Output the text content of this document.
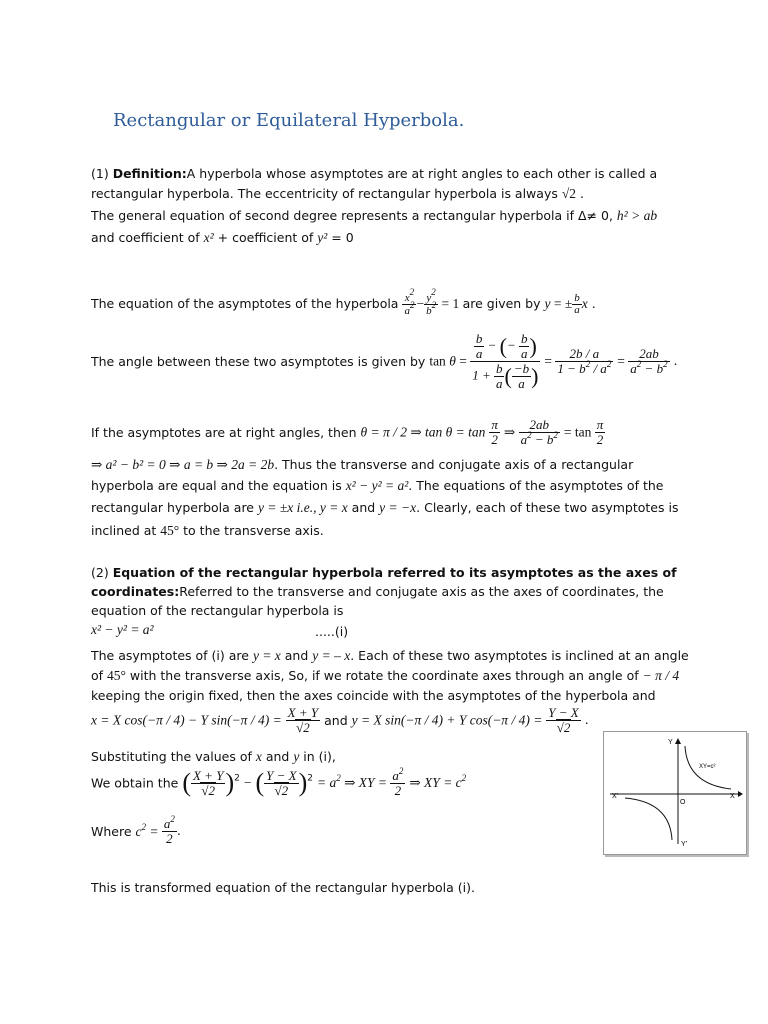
Rectangular or Equilateral Hyperbola.
(1) Definition:A hyperbola whose asymptotes are at right angles to each other is called a
rectangular hyperbola. The eccentricity of rectangular hyperbola is always √2 .
The general equation of second degree represents a rectangular hyperbola if Δ≠ 0, h² > ab
and coefficient of x² + coefficient of y² = 0
The equation of the asymptotes of the hyperbola $\frac{x^2}{a^2} - \frac{y^2}{b^2} = 1$ are given by y = ± $\frac{b}{a}$ x .
The angle between these two asymptotes is given by $\tan \theta = \frac{\frac{b}{a} - (- \frac{b}{a} )}{1 + \frac{b}{a} ( \frac{-b}{a} )} = \frac{2b / a}{1 - b^2 / a^2} = \frac{2ab}{a^2 - b^2}$ .
If the asymptotes are at right angles, then θ = π / 2 ⇒ $\tan \theta = \tan \frac{\pi}{2}$ ⇒ $\frac{2ab}{a^2 - b^2} = \tan \frac{\pi}{2}$
⇒ a² − b² = 0 ⇒ a = b ⇒ 2a = 2b. Thus the transverse and conjugate axis of a rectangular
hyperbola are equal and the equation is x² − y² = a². The equations of the asymptotes of the
rectangular hyperbola are y = ±x i.e., y = x and y = −x. Clearly, each of these two asymptotes is
inclined at 45° to the transverse axis.
(2) Equation of the rectangular hyperbola referred to its asymptotes as the axes of
coordinates:Referred to the transverse and conjugate axis as the axes of coordinates, the
equation of the rectangular hyperbola is
x² − y² = a²	.....(i)
The asymptotes of (i) are y = x and y = – x. Each of these two asymptotes is inclined at an angle
of 45° with the transverse axis, So, if we rotate the coordinate axes through an angle of − π / 4
keeping the origin fixed, then the axes coincide with the asymptotes of the hyperbola and
x = X cos(−π / 4) − Y $\sin(-\pi / 4) = \frac{X + Y}{√2}$ and y = X sin(−π / 4) + Y $\cos(-\pi / 4) = \frac{Y - X}{√2}$ .
Substituting the values of x and y in (i),
We obtain the ( $\frac{X + Y}{√2} )^2$ − ( $\frac{Y - X}{√2} )^2 = a^2$ ⇒ XY = $\frac{a^2}{2}$ ⇒ XY = $c^2$
Where $c^2 = \frac{a^2}{2}$ .
This is transformed equation of the rectangular hyperbola (i).
Y
X
X'
Y'
O
XY=c²
